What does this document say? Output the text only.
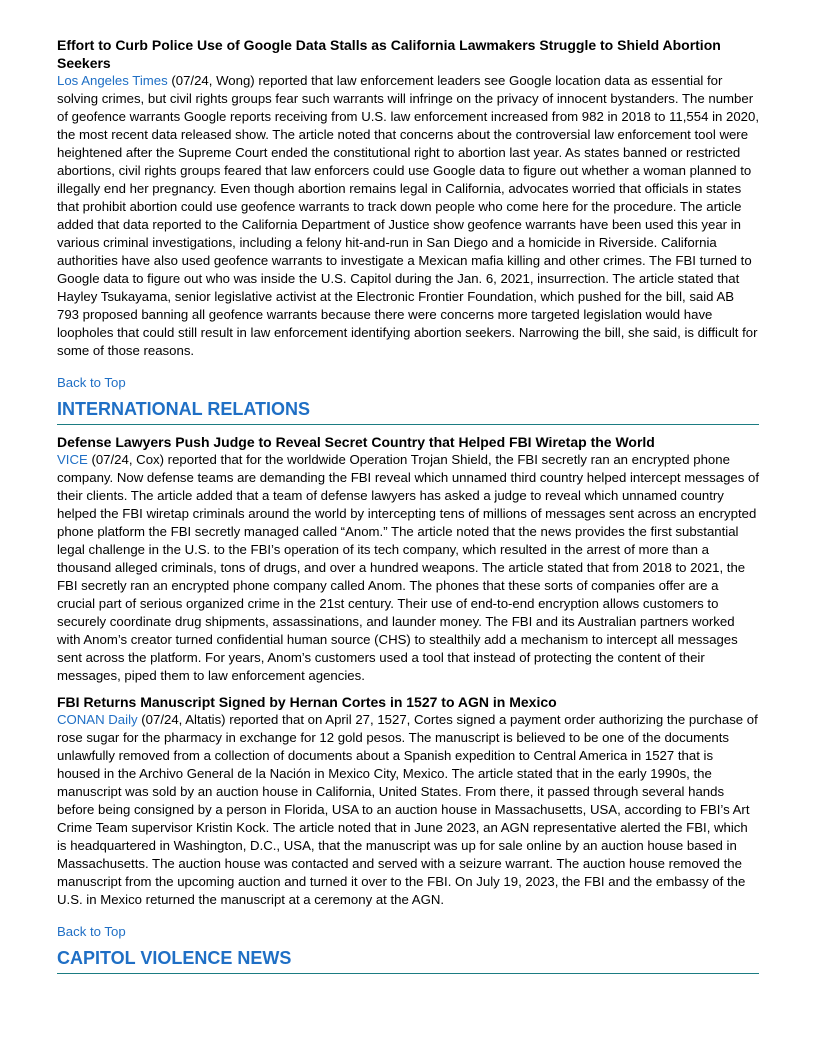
Effort to Curb Police Use of Google Data Stalls as California Lawmakers Struggle to Shield Abortion Seekers

Los Angeles Times (07/24, Wong) reported that law enforcement leaders see Google location data as essential for solving crimes, but civil rights groups fear such warrants will infringe on the privacy of innocent bystanders. The number of geofence warrants Google reports receiving from U.S. law enforcement increased from 982 in 2018 to 11,554 in 2020, the most recent data released show. The article noted that concerns about the controversial law enforcement tool were heightened after the Supreme Court ended the constitutional right to abortion last year. As states banned or restricted abortions, civil rights groups feared that law enforcers could use Google data to figure out whether a woman planned to illegally end her pregnancy. Even though abortion remains legal in California, advocates worried that officials in states that prohibit abortion could use geofence warrants to track down people who come here for the procedure. The article added that data reported to the California Department of Justice show geofence warrants have been used this year in various criminal investigations, including a felony hit-and-run in San Diego and a homicide in Riverside. California authorities have also used geofence warrants to investigate a Mexican mafia killing and other crimes. The FBI turned to Google data to figure out who was inside the U.S. Capitol during the Jan. 6, 2021, insurrection. The article stated that Hayley Tsukayama, senior legislative activist at the Electronic Frontier Foundation, which pushed for the bill, said AB 793 proposed banning all geofence warrants because there were concerns more targeted legislation would have loopholes that could still result in law enforcement identifying abortion seekers. Narrowing the bill, she said, is difficult for some of those reasons.

Back to Top
INTERNATIONAL RELATIONS

Defense Lawyers Push Judge to Reveal Secret Country that Helped FBI Wiretap the World

VICE (07/24, Cox) reported that for the worldwide Operation Trojan Shield, the FBI secretly ran an encrypted phone company. Now defense teams are demanding the FBI reveal which unnamed third country helped intercept messages of their clients. The article added that a team of defense lawyers has asked a judge to reveal which unnamed country helped the FBI wiretap criminals around the world by intercepting tens of millions of messages sent across an encrypted phone platform the FBI secretly managed called “Anom.” The article noted that the news provides the first substantial legal challenge in the U.S. to the FBI’s operation of its tech company, which resulted in the arrest of more than a thousand alleged criminals, tons of drugs, and over a hundred weapons. The article stated that from 2018 to 2021, the FBI secretly ran an encrypted phone company called Anom. The phones that these sorts of companies offer are a crucial part of serious organized crime in the 21st century. Their use of end-to-end encryption allows customers to securely coordinate drug shipments, assassinations, and launder money. The FBI and its Australian partners worked with Anom’s creator turned confidential human source (CHS) to stealthily add a mechanism to intercept all messages sent across the platform. For years, Anom’s customers used a tool that instead of protecting the content of their messages, piped them to law enforcement agencies.

FBI Returns Manuscript Signed by Hernan Cortes in 1527 to AGN in Mexico

CONAN Daily (07/24, Altatis) reported that on April 27, 1527, Cortes signed a payment order authorizing the purchase of rose sugar for the pharmacy in exchange for 12 gold pesos. The manuscript is believed to be one of the documents unlawfully removed from a collection of documents about a Spanish expedition to Central America in 1527 that is housed in the Archivo General de la Nación in Mexico City, Mexico. The article stated that in the early 1990s, the manuscript was sold by an auction house in California, United States. From there, it passed through several hands before being consigned by a person in Florida, USA to an auction house in Massachusetts, USA, according to FBI’s Art Crime Team supervisor Kristin Kock. The article noted that in June 2023, an AGN representative alerted the FBI, which is headquartered in Washington, D.C., USA, that the manuscript was up for sale online by an auction house based in Massachusetts. The auction house was contacted and served with a seizure warrant. The auction house removed the manuscript from the upcoming auction and turned it over to the FBI. On July 19, 2023, the FBI and the embassy of the U.S. in Mexico returned the manuscript at a ceremony at the AGN.

Back to Top
CAPITOL VIOLENCE NEWS
